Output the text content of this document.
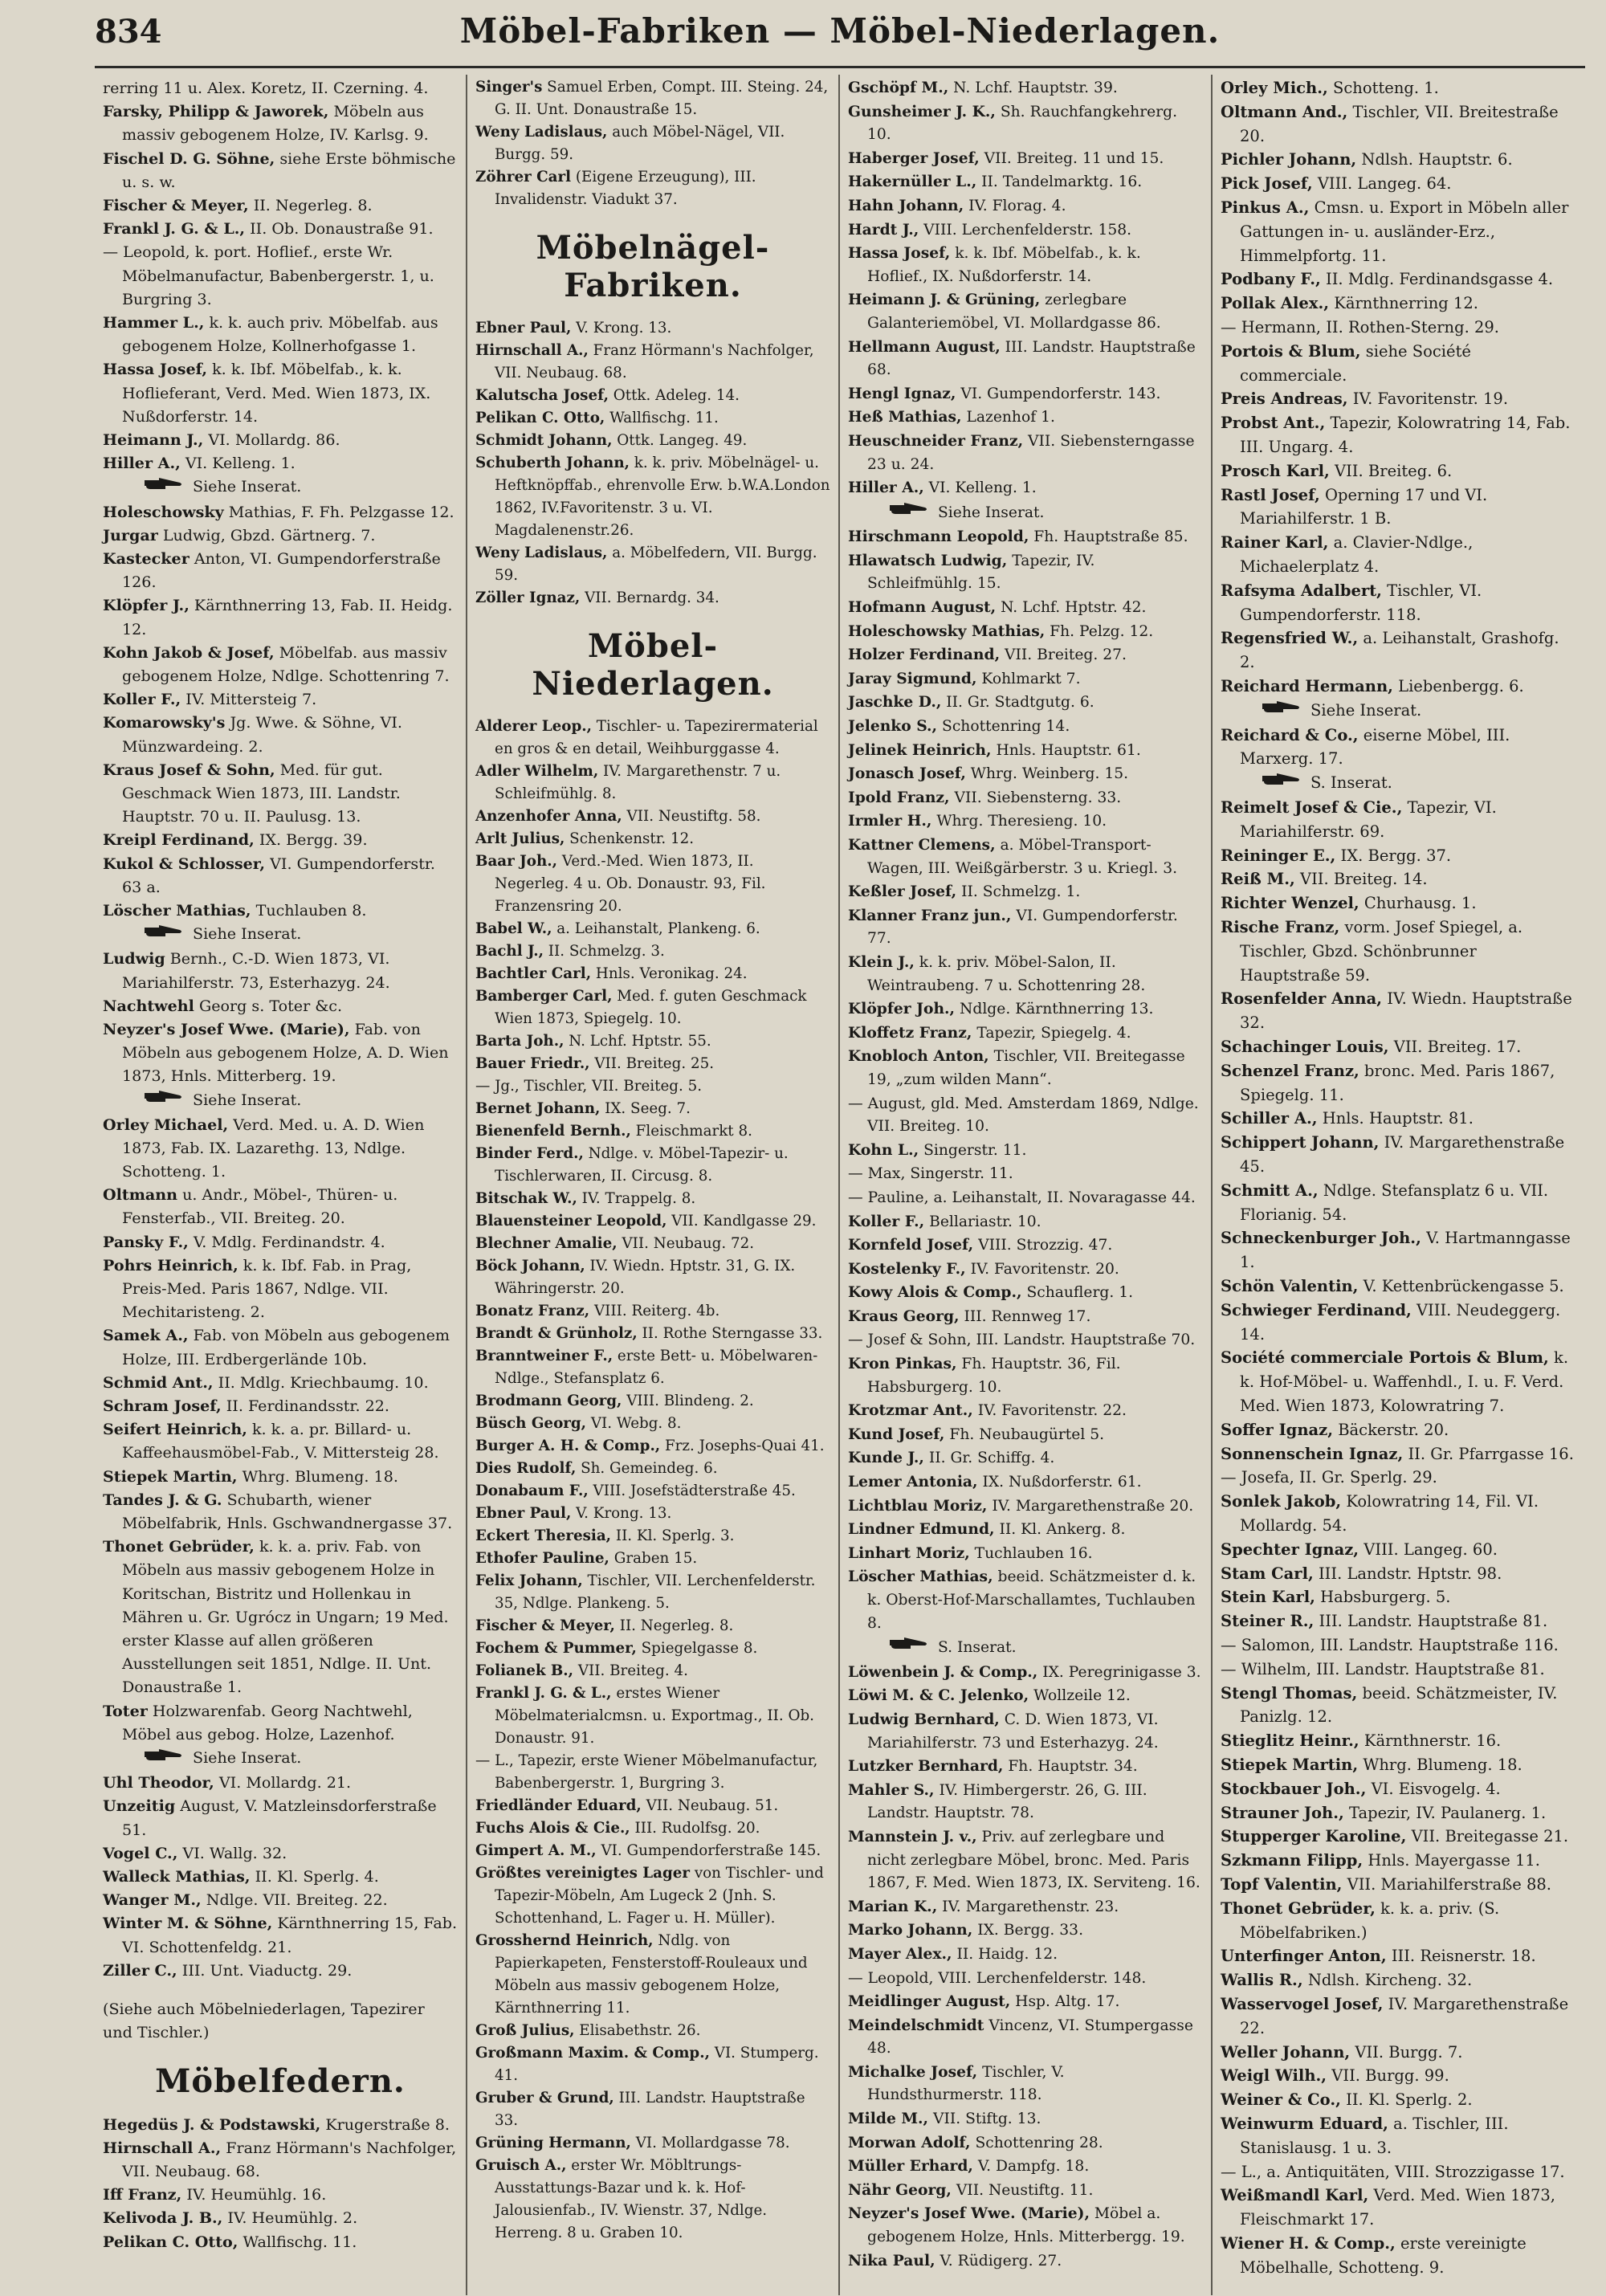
834	Möbel-Fabriken — Möbel-Niederlagen.

rerring 11 u. Alex. Koretz, II. Czerning. 4.

Farsky, Philipp & Jaworek, Möbeln aus massiv gebogenem Holze, IV. Karlsg. 9.

Fischel D. G. Söhne, siehe Erste böhmische u. s. w.

Fischer & Meyer, II. Negerleg. 8.

Frankl J. G. & L., II. Ob. Donaustraße 91.

— Leopold, k. port. Hoflief., erste Wr. Möbelmanufactur, Babenbergerstr. 1, u. Burgring 3.

Hammer L., k. k. auch priv. Möbelfab. aus gebogenem Holze, Kollnerhofgasse 1.

Hassa Josef, k. k. Ibf. Möbelfab., k. k. Hoflieferant, Verd. Med. Wien 1873, IX. Nußdorferstr. 14.

Heimann J., VI. Mollardg. 86.

Hiller A., VI. Kelleng. 1.

Siehe Inserat.

Holeschowsky Mathias, F. Fh. Pelzgasse 12.

Jurgar Ludwig, Gbzd. Gärtnerg. 7.

Kastecker Anton, VI. Gumpendorferstraße 126.

Klöpfer J., Kärnthnerring 13, Fab. II. Heidg. 12.

Kohn Jakob & Josef, Möbelfab. aus massiv gebogenem Holze, Ndlge. Schottenring 7.

Koller F., IV. Mittersteig 7.

Komarowsky's Jg. Wwe. & Söhne, VI. Münzwardeing. 2.

Kraus Josef & Sohn, Med. für gut. Geschmack Wien 1873, III. Landstr. Hauptstr. 70 u. II. Paulusg. 13.

Kreipl Ferdinand, IX. Bergg. 39.

Kukol & Schlosser, VI. Gumpendorferstr. 63 a.

Löscher Mathias, Tuchlauben 8.

Siehe Inserat.

Ludwig Bernh., C.-D. Wien 1873, VI. Mariahilferstr. 73, Esterhazyg. 24.

Nachtwehl Georg s. Toter &c.

Neyzer's Josef Wwe. (Marie), Fab. von Möbeln aus gebogenem Holze, A. D. Wien 1873, Hnls. Mitterberg. 19.

Siehe Inserat.

Orley Michael, Verd. Med. u. A. D. Wien 1873, Fab. IX. Lazarethg. 13, Ndlge. Schotteng. 1.

Oltmann u. Andr., Möbel-, Thüren- u. Fensterfab., VII. Breiteg. 20.

Pansky F., V. Mdlg. Ferdinandstr. 4.

Pohrs Heinrich, k. k. Ibf. Fab. in Prag, Preis-Med. Paris 1867, Ndlge. VII. Mechitaristeng. 2.

Samek A., Fab. von Möbeln aus gebogenem Holze, III. Erdbergerlände 10b.

Schmid Ant., II. Mdlg. Kriechbaumg. 10.

Schram Josef, II. Ferdinandsstr. 22.

Seifert Heinrich, k. k. a. pr. Billard- u. Kaffeehausmöbel-Fab., V. Mittersteig 28.

Stiepek Martin, Whrg. Blumeng. 18.

Tandes J. & G. Schubarth, wiener Möbelfabrik, Hnls. Gschwandnergasse 37.

Thonet Gebrüder, k. k. a. priv. Fab. von Möbeln aus massiv gebogenem Holze in Koritschan, Bistritz und Hollenkau in Mähren u. Gr. Ugrócz in Ungarn; 19 Med. erster Klasse auf allen größeren Ausstellungen seit 1851, Ndlge. II. Unt. Donaustraße 1.

Toter Holzwarenfab. Georg Nachtwehl, Möbel aus gebog. Holze, Lazenhof.

Siehe Inserat.

Uhl Theodor, VI. Mollardg. 21.

Unzeitig August, V. Matzleinsdorferstraße 51.

Vogel C., VI. Wallg. 32.

Walleck Mathias, II. Kl. Sperlg. 4.

Wanger M., Ndlge. VII. Breiteg. 22.

Winter M. & Söhne, Kärnthnerring 15, Fab. VI. Schottenfeldg. 21.

Ziller C., III. Unt. Viaductg. 29.

(Siehe auch Möbelniederlagen, Tapezirer und Tischler.)

Möbelfedern.

Hegedüs J. & Podstawski, Krugerstraße 8.

Hirnschall A., Franz Hörmann's Nachfolger, VII. Neubaug. 68.

Iff Franz, IV. Heumühlg. 16.

Kelivoda J. B., IV. Heumühlg. 2.

Pelikan C. Otto, Wallfischg. 11.

Singer's Samuel Erben, Compt. III. Steing. 24, G. II. Unt. Donaustraße 15.

Weny Ladislaus, auch Möbel-Nägel, VII. Burgg. 59.

Zöhrer Carl (Eigene Erzeugung), III. Invalidenstr. Viadukt 37.

Möbelnägel-Fabriken.

Ebner Paul, V. Krong. 13.

Hirnschall A., Franz Hörmann's Nachfolger, VII. Neubaug. 68.

Kalutscha Josef, Ottk. Adeleg. 14.

Pelikan C. Otto, Wallfischg. 11.

Schmidt Johann, Ottk. Langeg. 49.

Schuberth Johann, k. k. priv. Möbelnägel- u. Heftknöpffab., ehrenvolle Erw. b.W.A.London 1862, IV.Favoritenstr. 3 u. VI. Magdalenenstr.26.

Weny Ladislaus, a. Möbelfedern, VII. Burgg. 59.

Zöller Ignaz, VII. Bernardg. 34.

Möbel-Niederlagen.

Alderer Leop., Tischler- u. Tapezirermaterial en gros & en detail, Weihburggasse 4.

Adler Wilhelm, IV. Margarethenstr. 7 u. Schleifmühlg. 8.

Anzenhofer Anna, VII. Neustiftg. 58.

Arlt Julius, Schenkenstr. 12.

Baar Joh., Verd.-Med. Wien 1873, II. Negerleg. 4 u. Ob. Donaustr. 93, Fil. Franzensring 20.

Babel W., a. Leihanstalt, Plankeng. 6.

Bachl J., II. Schmelzg. 3.

Bachtler Carl, Hnls. Veronikag. 24.

Bamberger Carl, Med. f. guten Geschmack Wien 1873, Spiegelg. 10.

Barta Joh., N. Lchf. Hptstr. 55.

Bauer Friedr., VII. Breiteg. 25.

— Jg., Tischler, VII. Breiteg. 5.

Bernet Johann, IX. Seeg. 7.

Bienenfeld Bernh., Fleischmarkt 8.

Binder Ferd., Ndlge. v. Möbel-Tapezir- u. Tischlerwaren, II. Circusg. 8.

Bitschak W., IV. Trappelg. 8.

Blauensteiner Leopold, VII. Kandlgasse 29.

Blechner Amalie, VII. Neubaug. 72.

Böck Johann, IV. Wiedn. Hptstr. 31, G. IX. Währingerstr. 20.

Bonatz Franz, VIII. Reiterg. 4b.

Brandt & Grünholz, II. Rothe Sterngasse 33.

Branntweiner F., erste Bett- u. Möbelwaren-Ndlge., Stefansplatz 6.

Brodmann Georg, VIII. Blindeng. 2.

Büsch Georg, VI. Webg. 8.

Burger A. H. & Comp., Frz. Josephs-Quai 41.

Dies Rudolf, Sh. Gemeindeg. 6.

Donabaum F., VIII. Josefstädterstraße 45.

Ebner Paul, V. Krong. 13.

Eckert Theresia, II. Kl. Sperlg. 3.

Ethofer Pauline, Graben 15.

Felix Johann, Tischler, VII. Lerchenfelderstr. 35, Ndlge. Plankeng. 5.

Fischer & Meyer, II. Negerleg. 8.

Fochem & Pummer, Spiegelgasse 8.

Folianek B., VII. Breiteg. 4.

Frankl J. G. & L., erstes Wiener Möbelmaterialcmsn. u. Exportmag., II. Ob. Donaustr. 91.

— L., Tapezir, erste Wiener Möbelmanufactur, Babenbergerstr. 1, Burgring 3.

Friedländer Eduard, VII. Neubaug. 51.

Fuchs Alois & Cie., III. Rudolfsg. 20.

Gimpert A. M., VI. Gumpendorferstraße 145.

Größtes vereinigtes Lager von Tischler- und Tapezir-Möbeln, Am Lugeck 2 (Jnh. S. Schottenhand, L. Fager u. H. Müller).

Grosshernd Heinrich, Ndlg. von Papierkapeten, Fensterstoff-Rouleaux und Möbeln aus massiv gebogenem Holze, Kärnthnerring 11.

Groß Julius, Elisabethstr. 26.

Großmann Maxim. & Comp., VI. Stumperg. 41.

Gruber & Grund, III. Landstr. Hauptstraße 33.

Grüning Hermann, VI. Mollardgasse 78.

Gruisch A., erster Wr. Möbltrungs-Ausstattungs-Bazar und k. k. Hof-Jalousienfab., IV. Wienstr. 37, Ndlge. Herreng. 8 u. Graben 10.

Gschöpf M., N. Lchf. Hauptstr. 39.

Gunsheimer J. K., Sh. Rauchfangkehrerg. 10.

Haberger Josef, VII. Breiteg. 11 und 15.

Hakernüller L., II. Tandelmarktg. 16.

Hahn Johann, IV. Florag. 4.

Hardt J., VIII. Lerchenfelderstr. 158.

Hassa Josef, k. k. Ibf. Möbelfab., k. k. Hoflief., IX. Nußdorferstr. 14.

Heimann J. & Grüning, zerlegbare Galanteriemöbel, VI. Mollardgasse 86.

Hellmann August, III. Landstr. Hauptstraße 68.

Hengl Ignaz, VI. Gumpendorferstr. 143.

Heß Mathias, Lazenhof 1.

Heuschneider Franz, VII. Siebensterngasse 23 u. 24.

Hiller A., VI. Kelleng. 1.

Siehe Inserat.

Hirschmann Leopold, Fh. Hauptstraße 85.

Hlawatsch Ludwig, Tapezir, IV. Schleifmühlg. 15.

Hofmann August, N. Lchf. Hptstr. 42.

Holeschowsky Mathias, Fh. Pelzg. 12.

Holzer Ferdinand, VII. Breiteg. 27.

Jaray Sigmund, Kohlmarkt 7.

Jaschke D., II. Gr. Stadtgutg. 6.

Jelenko S., Schottenring 14.

Jelinek Heinrich, Hnls. Hauptstr. 61.

Jonasch Josef, Whrg. Weinberg. 15.

Ipold Franz, VII. Siebensterng. 33.

Irmler H., Whrg. Theresieng. 10.

Kattner Clemens, a. Möbel-Transport-Wagen, III. Weißgärberstr. 3 u. Kriegl. 3.

Keßler Josef, II. Schmelzg. 1.

Klanner Franz jun., VI. Gumpendorferstr. 77.

Klein J., k. k. priv. Möbel-Salon, II. Weintraubeng. 7 u. Schottenring 28.

Klöpfer Joh., Ndlge. Kärnthnerring 13.

Kloffetz Franz, Tapezir, Spiegelg. 4.

Knobloch Anton, Tischler, VII. Breitegasse 19, „zum wilden Mann“.

— August, gld. Med. Amsterdam 1869, Ndlge. VII. Breiteg. 10.

Kohn L., Singerstr. 11.

— Max, Singerstr. 11.

— Pauline, a. Leihanstalt, II. Novaragasse 44.

Koller F., Bellariastr. 10.

Kornfeld Josef, VIII. Strozzig. 47.

Kostelenky F., IV. Favoritenstr. 20.

Kowy Alois & Comp., Schauflerg. 1.

Kraus Georg, III. Rennweg 17.

— Josef & Sohn, III. Landstr. Hauptstraße 70.

Kron Pinkas, Fh. Hauptstr. 36, Fil. Habsburgerg. 10.

Krotzmar Ant., IV. Favoritenstr. 22.

Kund Josef, Fh. Neubaugürtel 5.

Kunde J., II. Gr. Schiffg. 4.

Lemer Antonia, IX. Nußdorferstr. 61.

Lichtblau Moriz, IV. Margarethenstraße 20.

Lindner Edmund, II. Kl. Ankerg. 8.

Linhart Moriz, Tuchlauben 16.

Löscher Mathias, beeid. Schätzmeister d. k. k. Oberst-Hof-Marschallamtes, Tuchlauben 8.

S. Inserat.

Löwenbein J. & Comp., IX. Peregrinigasse 3.

Löwi M. & C. Jelenko, Wollzeile 12.

Ludwig Bernhard, C. D. Wien 1873, VI. Mariahilferstr. 73 und Esterhazyg. 24.

Lutzker Bernhard, Fh. Hauptstr. 34.

Mahler S., IV. Himbergerstr. 26, G. III. Landstr. Hauptstr. 78.

Mannstein J. v., Priv. auf zerlegbare und nicht zerlegbare Möbel, bronc. Med. Paris 1867, F. Med. Wien 1873, IX. Serviteng. 16.

Marian K., IV. Margarethenstr. 23.

Marko Johann, IX. Bergg. 33.

Mayer Alex., II. Haidg. 12.

— Leopold, VIII. Lerchenfelderstr. 148.

Meidlinger August, Hsp. Altg. 17.

Meindelschmidt Vincenz, VI. Stumpergasse 48.

Michalke Josef, Tischler, V. Hundsthurmerstr. 118.

Milde M., VII. Stiftg. 13.

Morwan Adolf, Schottenring 28.

Müller Erhard, V. Dampfg. 18.

Nähr Georg, VII. Neustiftg. 11.

Neyzer's Josef Wwe. (Marie), Möbel a. gebogenem Holze, Hnls. Mitterbergg. 19.

Nika Paul, V. Rüdigerg. 27.

Orley Mich., Schotteng. 1.

Oltmann And., Tischler, VII. Breitestraße 20.

Pichler Johann, Ndlsh. Hauptstr. 6.

Pick Josef, VIII. Langeg. 64.

Pinkus A., Cmsn. u. Export in Möbeln aller Gattungen in- u. ausländer-Erz., Himmelpfortg. 11.

Podbany F., II. Mdlg. Ferdinandsgasse 4.

Pollak Alex., Kärnthnerring 12.

— Hermann, II. Rothen-Sterng. 29.

Portois & Blum, siehe Société commerciale.

Preis Andreas, IV. Favoritenstr. 19.

Probst Ant., Tapezir, Kolowratring 14, Fab. III. Ungarg. 4.

Prosch Karl, VII. Breiteg. 6.

Rastl Josef, Operning 17 und VI. Mariahilferstr. 1 B.

Rainer Karl, a. Clavier-Ndlge., Michaelerplatz 4.

Rafsyma Adalbert, Tischler, VI. Gumpendorferstr. 118.

Regensfried W., a. Leihanstalt, Grashofg. 2.

Reichard Hermann, Liebenbergg. 6.

Siehe Inserat.

Reichard & Co., eiserne Möbel, III. Marxerg. 17.

S. Inserat.

Reimelt Josef & Cie., Tapezir, VI. Mariahilferstr. 69.

Reininger E., IX. Bergg. 37.

Reiß M., VII. Breiteg. 14.

Richter Wenzel, Churhausg. 1.

Rische Franz, vorm. Josef Spiegel, a. Tischler, Gbzd. Schönbrunner Hauptstraße 59.

Rosenfelder Anna, IV. Wiedn. Hauptstraße 32.

Schachinger Louis, VII. Breiteg. 17.

Schenzel Franz, bronc. Med. Paris 1867, Spiegelg. 11.

Schiller A., Hnls. Hauptstr. 81.

Schippert Johann, IV. Margarethenstraße 45.

Schmitt A., Ndlge. Stefansplatz 6 u. VII. Florianig. 54.

Schneckenburger Joh., V. Hartmanngasse 1.

Schön Valentin, V. Kettenbrückengasse 5.

Schwieger Ferdinand, VIII. Neudeggerg. 14.

Société commerciale Portois & Blum, k. k. Hof-Möbel- u. Waffenhdl., I. u. F. Verd. Med. Wien 1873, Kolowratring 7.

Soffer Ignaz, Bäckerstr. 20.

Sonnenschein Ignaz, II. Gr. Pfarrgasse 16.

— Josefa, II. Gr. Sperlg. 29.

Sonlek Jakob, Kolowratring 14, Fil. VI. Mollardg. 54.

Spechter Ignaz, VIII. Langeg. 60.

Stam Carl, III. Landstr. Hptstr. 98.

Stein Karl, Habsburgerg. 5.

Steiner R., III. Landstr. Hauptstraße 81.

— Salomon, III. Landstr. Hauptstraße 116.

— Wilhelm, III. Landstr. Hauptstraße 81.

Stengl Thomas, beeid. Schätzmeister, IV. Panizlg. 12.

Stieglitz Heinr., Kärnthnerstr. 16.

Stiepek Martin, Whrg. Blumeng. 18.

Stockbauer Joh., VI. Eisvogelg. 4.

Strauner Joh., Tapezir, IV. Paulanerg. 1.

Stupperger Karoline, VII. Breitegasse 21.

Szkmann Filipp, Hnls. Mayergasse 11.

Topf Valentin, VII. Mariahilferstraße 88.

Thonet Gebrüder, k. k. a. priv. (S. Möbelfabriken.)

Unterfinger Anton, III. Reisnerstr. 18.

Wallis R., Ndlsh. Kircheng. 32.

Wasservogel Josef, IV. Margarethenstraße 22.

Weller Johann, VII. Burgg. 7.

Weigl Wilh., VII. Burgg. 99.

Weiner & Co., II. Kl. Sperlg. 2.

Weinwurm Eduard, a. Tischler, III. Stanislausg. 1 u. 3.

— L., a. Antiquitäten, VIII. Strozzigasse 17.

Weißmandl Karl, Verd. Med. Wien 1873, Fleischmarkt 17.

Wiener H. & Comp., erste vereinigte Möbelhalle, Schotteng. 9.
